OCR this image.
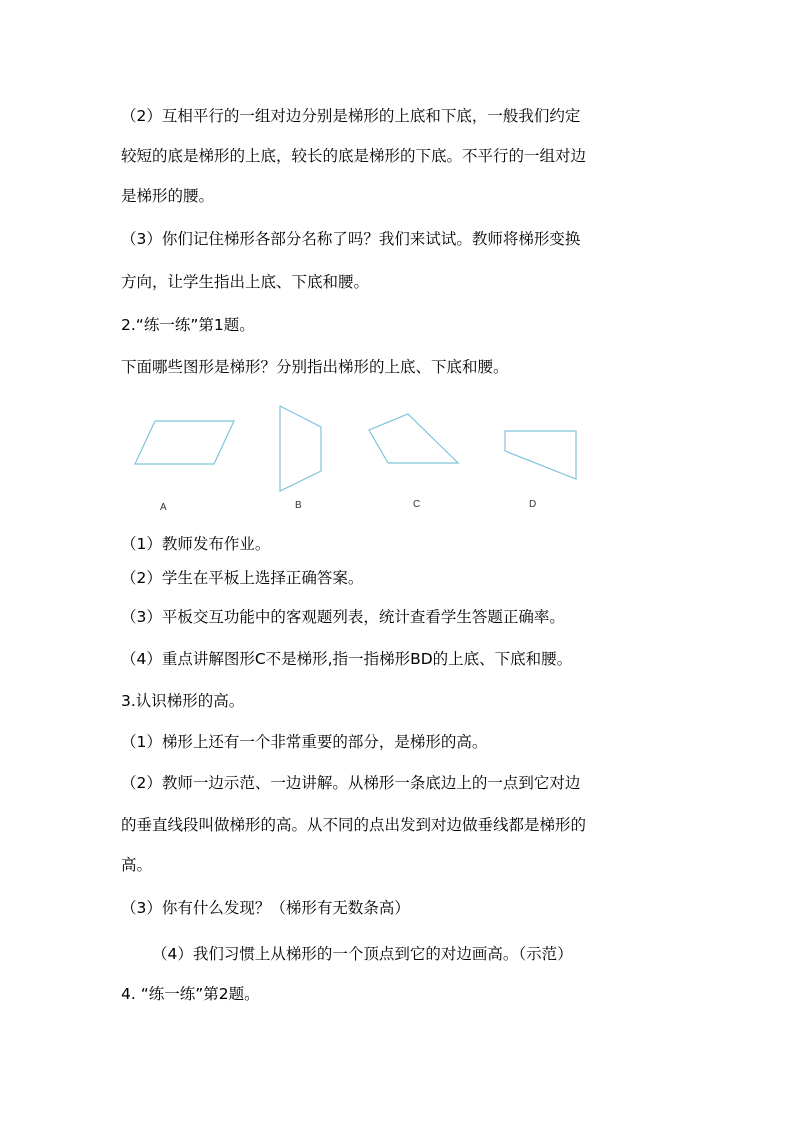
（2）互相平行的一组对边分别是梯形的上底和下底，一般我们约定
较短的底是梯形的上底，较长的底是梯形的下底。不平行的一组对边
是梯形的腰。
（3）你们记住梯形各部分名称了吗？我们来试试。教师将梯形变换
方向，让学生指出上底、下底和腰。
2.“练一练”第1题。
下面哪些图形是梯形？分别指出梯形的上底、下底和腰。
A	B	C	D
（1）教师发布作业。
（2）学生在平板上选择正确答案。
（3）平板交互功能中的客观题列表，统计查看学生答题正确率。
（4）重点讲解图形C不是梯形,指一指梯形BD的上底、下底和腰。
3.认识梯形的高。
（1）梯形上还有一个非常重要的部分，是梯形的高。
（2）教师一边示范、一边讲解。从梯形一条底边上的一点到它对边
的垂直线段叫做梯形的高。从不同的点出发到对边做垂线都是梯形的
高。
（3）你有什么发现？（梯形有无数条高）
（4）我们习惯上从梯形的一个顶点到它的对边画高。（示范）
4. “练一练”第2题。
